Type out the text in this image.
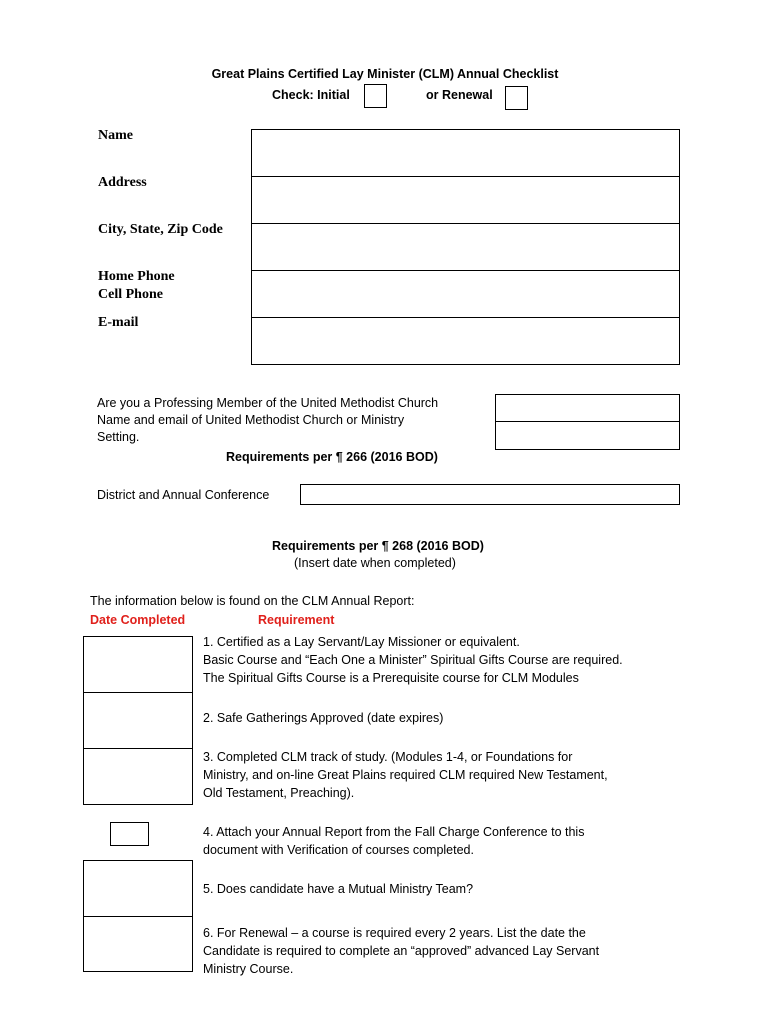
Great Plains Certified Lay Minister (CLM) Annual Checklist
Check: Initial	or Renewal
Name
Address
City, State, Zip Code
Home Phone
Cell Phone
E-mail
Are you a Professing Member of the United Methodist Church
Name and email of United Methodist Church or Ministry
Setting.
Requirements per ¶ 266 (2016 BOD)
District and Annual Conference
Requirements per ¶ 268 (2016 BOD)
(Insert date when completed)
The information below is found on the CLM Annual Report:
Date Completed	Requirement

1. Certified as a Lay Servant/Lay Missioner or equivalent.

Basic Course and “Each One a Minister” Spiritual Gifts Course are required.

The Spiritual Gifts Course is a Prerequisite course for CLM Modules

2. Safe Gatherings Approved (date expires)

3. Completed CLM track of study. (Modules 1-4, or Foundations for

Ministry, and on-line Great Plains required CLM required New Testament,

Old Testament, Preaching).

4. Attach your Annual Report from the Fall Charge Conference to this

document with Verification of courses completed.

5. Does candidate have a Mutual Ministry Team?

6. For Renewal – a course is required every 2 years. List the date the

Candidate is required to complete an “approved” advanced Lay Servant

Ministry Course.
